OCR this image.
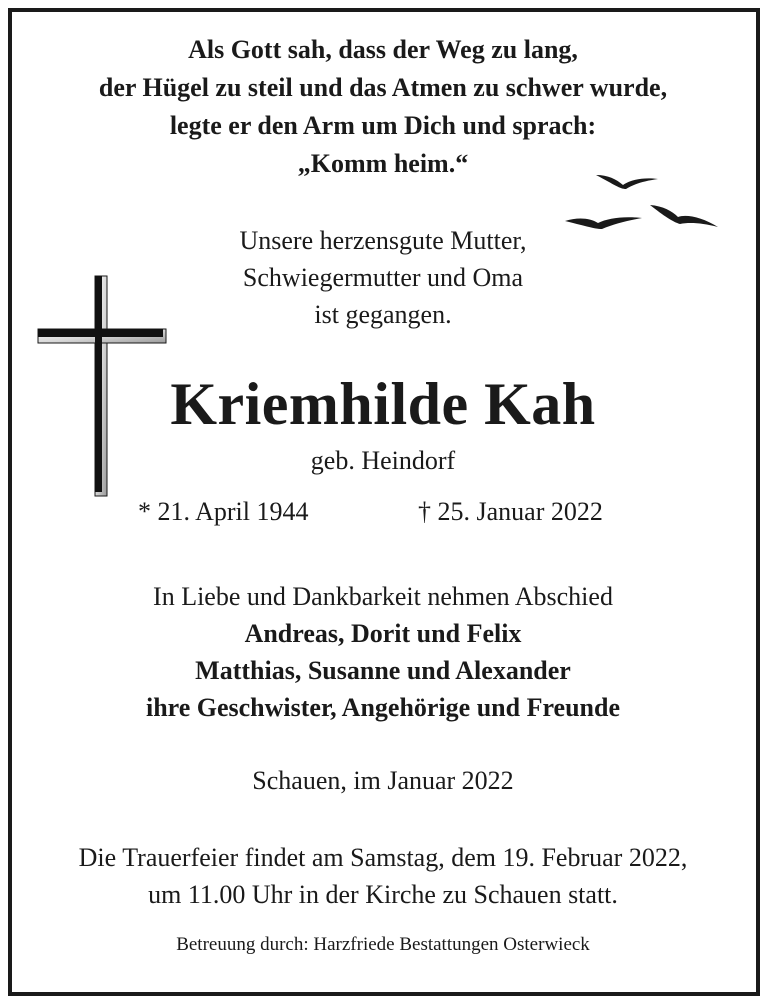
Als Gott sah, dass der Weg zu lang,
der Hügel zu steil und das Atmen zu schwer wurde,
legte er den Arm um Dich und sprach:
„Komm heim.“
Unsere herzensgute Mutter,
Schwiegermutter und Oma
ist gegangen.
Kriemhilde Kah
geb. Heindorf
* 21. April 1944	† 25. Januar 2022
In Liebe und Dankbarkeit nehmen Abschied
Andreas, Dorit und Felix
Matthias, Susanne und Alexander
ihre Geschwister, Angehörige und Freunde
Schauen, im Januar 2022
Die Trauerfeier findet am Samstag, dem 19. Februar 2022,
um 11.00 Uhr in der Kirche zu Schauen statt.
Betreuung durch: Harzfriede Bestattungen Osterwieck
